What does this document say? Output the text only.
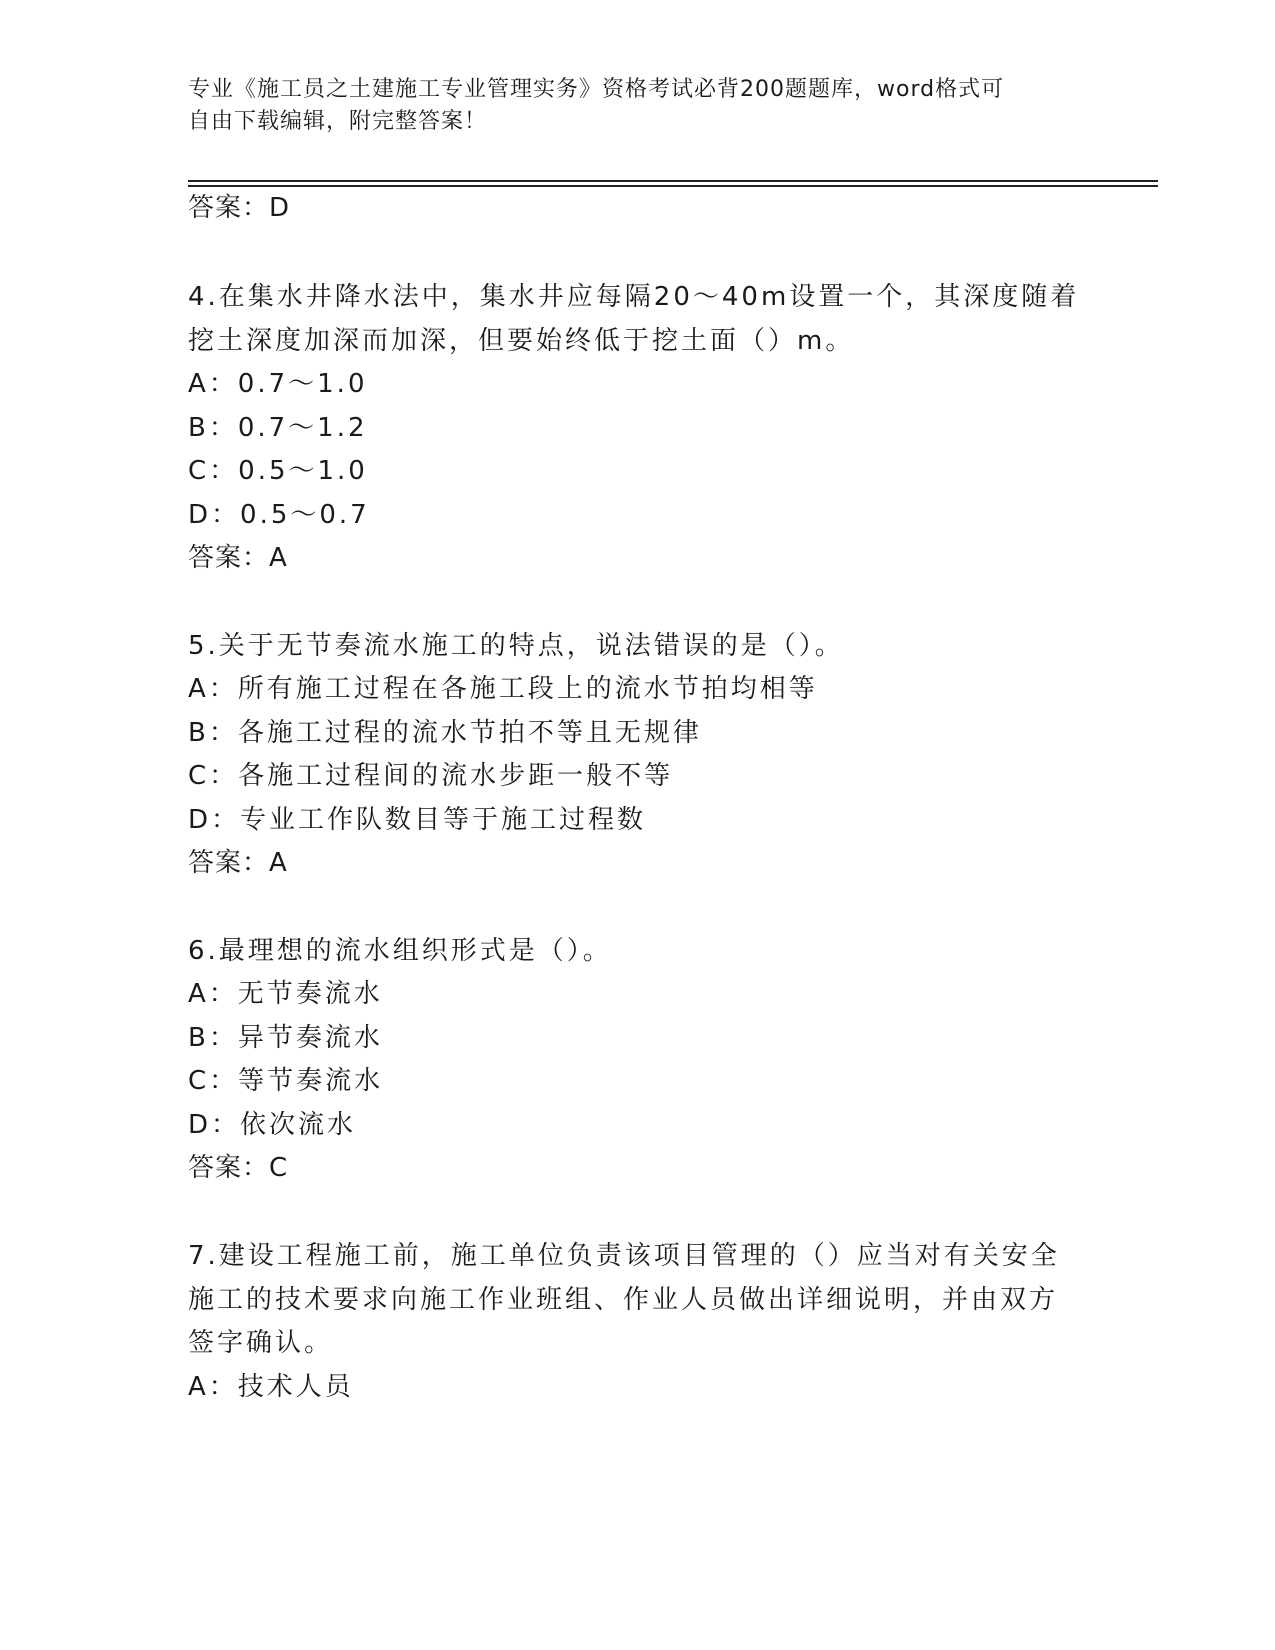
专业《施工员之土建施工专业管理实务》资格考试必背200题题库，word格式可
自由下载编辑，附完整答案！
答案：D
4.在集水井降水法中，集水井应每隔20～40m设置一个，其深度随着
挖土深度加深而加深，但要始终低于挖土面（）m。
A：0.7～1.0
B：0.7～1.2
C：0.5～1.0
D：0.5～0.7
答案：A
5.关于无节奏流水施工的特点，说法错误的是（）。
A：所有施工过程在各施工段上的流水节拍均相等
B：各施工过程的流水节拍不等且无规律
C：各施工过程间的流水步距一般不等
D：专业工作队数目等于施工过程数
答案：A
6.最理想的流水组织形式是（）。
A：无节奏流水
B：异节奏流水
C：等节奏流水
D：依次流水
答案：C
7.建设工程施工前，施工单位负责该项目管理的（）应当对有关安全
施工的技术要求向施工作业班组、作业人员做出详细说明，并由双方
签字确认。
A：技术人员
